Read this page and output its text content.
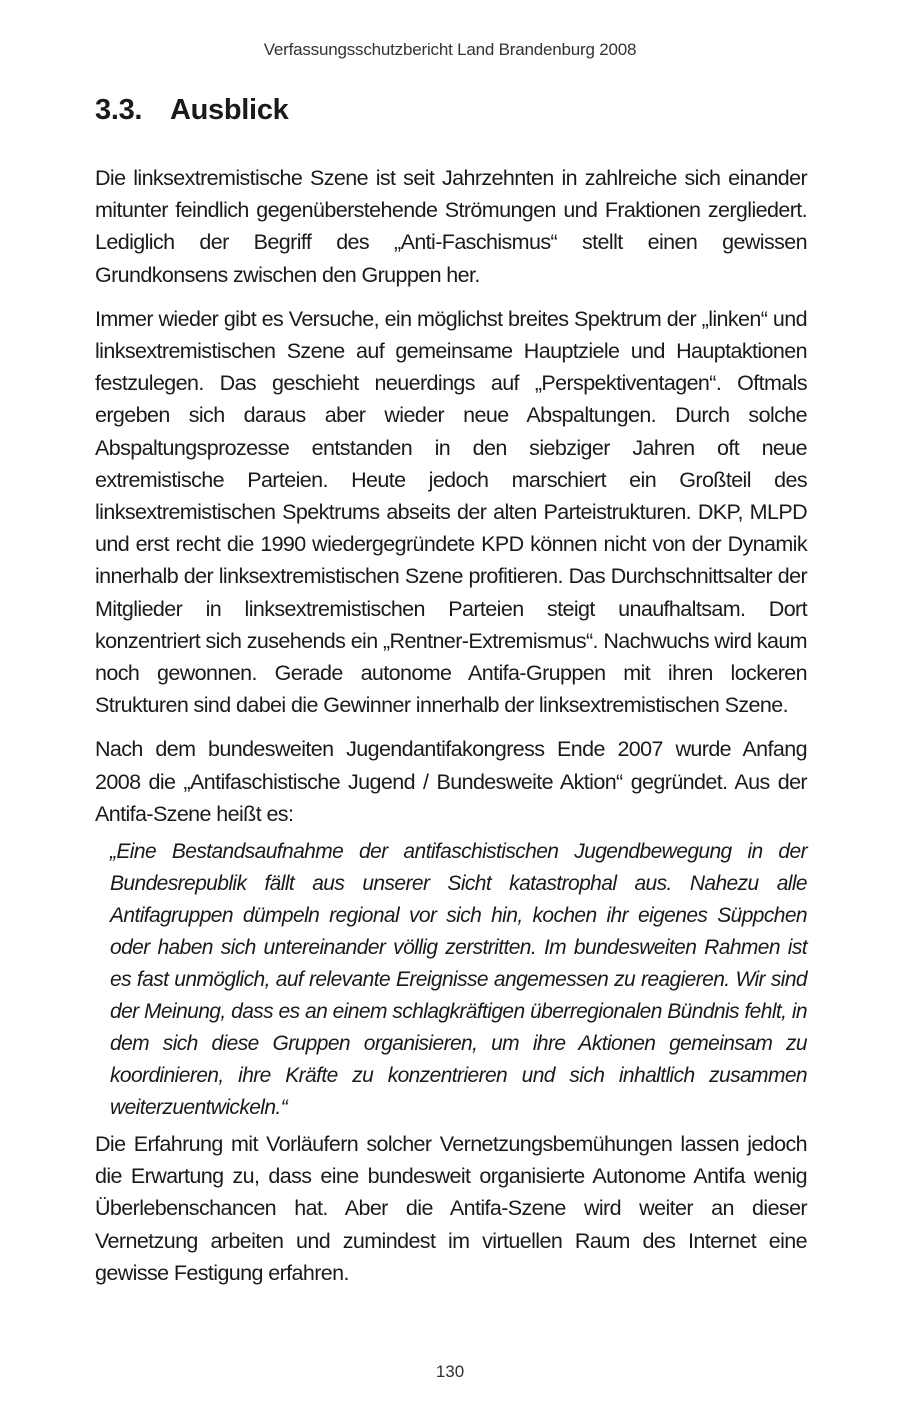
Verfassungsschutzbericht Land Brandenburg 2008
3.3. Ausblick

Die linksextremistische Szene ist seit Jahrzehnten in zahlreiche sich einander mitunter feindlich gegenüberstehende Strömungen und Fraktionen zergliedert. Lediglich der Begriff des „Anti-Faschismus“ stellt einen gewissen Grundkonsens zwischen den Gruppen her.

Immer wieder gibt es Versuche, ein möglichst breites Spektrum der „linken“ und linksextremistischen Szene auf gemeinsame Hauptziele und Hauptaktionen festzulegen. Das geschieht neuerdings auf „Perspektiventagen“. Oftmals ergeben sich daraus aber wieder neue Abspaltungen. Durch solche Abspaltungsprozesse entstanden in den siebziger Jahren oft neue extremistische Parteien. Heute jedoch marschiert ein Großteil des linksextremistischen Spektrums abseits der alten Parteistrukturen. DKP, MLPD und erst recht die 1990 wiedergegründete KPD können nicht von der Dynamik innerhalb der linksextremistischen Szene profitieren. Das Durchschnittsalter der Mitglieder in linksextremistischen Parteien steigt unaufhaltsam. Dort konzentriert sich zusehends ein „Rentner-Extremismus“. Nachwuchs wird kaum noch gewonnen. Gerade autonome Antifa-Gruppen mit ihren lockeren Strukturen sind dabei die Gewinner innerhalb der linksextremistischen Szene.

Nach dem bundesweiten Jugendantifakongress Ende 2007 wurde Anfang 2008 die „Antifaschistische Jugend / Bundesweite Aktion“ gegründet. Aus der Antifa-Szene heißt es:

„Eine Bestandsaufnahme der antifaschistischen Jugendbewegung in der Bundesrepublik fällt aus unserer Sicht katastrophal aus. Nahezu alle Antifagruppen dümpeln regional vor sich hin, kochen ihr eigenes Süppchen oder haben sich untereinander völlig zerstritten. Im bundesweiten Rahmen ist es fast unmöglich, auf relevante Ereignisse angemessen zu reagieren. Wir sind der Meinung, dass es an einem schlagkräftigen überregionalen Bündnis fehlt, in dem sich diese Gruppen organisieren, um ihre Aktionen gemeinsam zu koordinieren, ihre Kräfte zu konzentrieren und sich inhaltlich zusammen weiterzuentwickeln.“

Die Erfahrung mit Vorläufern solcher Vernetzungsbemühungen lassen jedoch die Erwartung zu, dass eine bundesweit organisierte Autonome Antifa wenig Überlebenschancen hat. Aber die Antifa-Szene wird weiter an dieser Vernetzung arbeiten und zumindest im virtuellen Raum des Internet eine gewisse Festigung erfahren.

130
